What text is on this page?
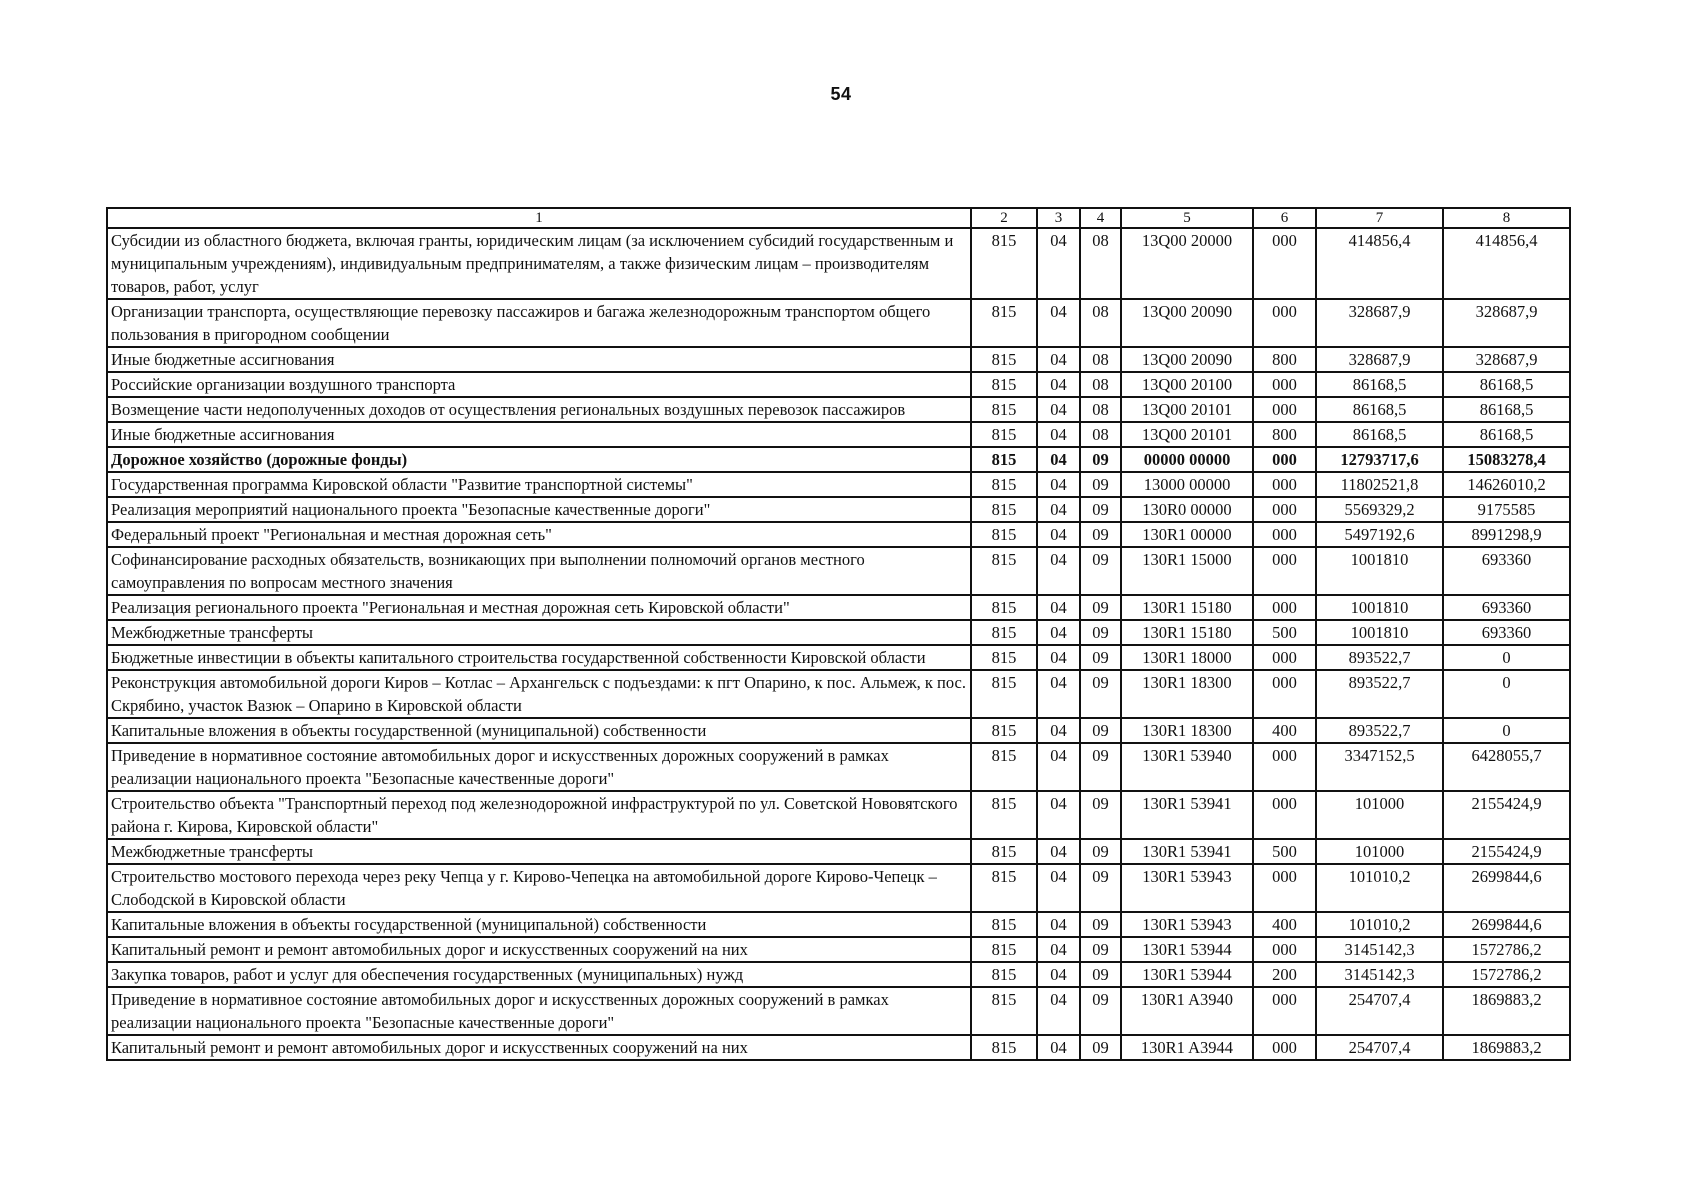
54
1	2	3	4	5	6	7	8
Субсидии из областного бюджета, включая гранты, юридическим лицам (за исключением субсидий государственным и муниципальным учреждениям), индивидуальным предпринимателям, а также физическим лицам – производителям товаров, работ, услуг	815	04	08	13Q00 20000	000	414856,4	414856,4
Организации транспорта, осуществляющие перевозку пассажиров и багажа железнодорожным транспортом общего пользования в пригородном сообщении	815	04	08	13Q00 20090	000	328687,9	328687,9
Иные бюджетные ассигнования	815	04	08	13Q00 20090	800	328687,9	328687,9
Российские организации воздушного транспорта	815	04	08	13Q00 20100	000	86168,5	86168,5
Возмещение части недополученных доходов от осуществления региональных воздушных перевозок пассажиров	815	04	08	13Q00 20101	000	86168,5	86168,5
Иные бюджетные ассигнования	815	04	08	13Q00 20101	800	86168,5	86168,5
Дорожное хозяйство (дорожные фонды)	815	04	09	00000 00000	000	12793717,6	15083278,4
Государственная программа Кировской области "Развитие транспортной системы"	815	04	09	13000 00000	000	11802521,8	14626010,2
Реализация мероприятий национального проекта "Безопасные качественные дороги"	815	04	09	130R0 00000	000	5569329,2	9175585
Федеральный проект "Региональная и местная дорожная сеть"	815	04	09	130R1 00000	000	5497192,6	8991298,9
Софинансирование расходных обязательств, возникающих при выполнении полномочий органов местного самоуправления по вопросам местного значения	815	04	09	130R1 15000	000	1001810	693360
Реализация регионального проекта "Региональная и местная дорожная сеть Кировской области"	815	04	09	130R1 15180	000	1001810	693360
Межбюджетные трансферты	815	04	09	130R1 15180	500	1001810	693360
Бюджетные инвестиции в объекты капитального строительства государственной собственности Кировской области	815	04	09	130R1 18000	000	893522,7	0
Реконструкция автомобильной дороги Киров – Котлас – Архангельск с подъездами: к пгт Опарино, к пос. Альмеж, к пос. Скрябино, участок Вазюк – Опарино в Кировской области	815	04	09	130R1 18300	000	893522,7	0
Капитальные вложения в объекты государственной (муниципальной) собственности	815	04	09	130R1 18300	400	893522,7	0
Приведение в нормативное состояние автомобильных дорог и искусственных дорожных сооружений в рамках реализации национального проекта "Безопасные качественные дороги"	815	04	09	130R1 53940	000	3347152,5	6428055,7
Строительство объекта "Транспортный переход под железнодорожной инфраструктурой по ул. Советской Нововятского района г. Кирова, Кировской области"	815	04	09	130R1 53941	000	101000	2155424,9
Межбюджетные трансферты	815	04	09	130R1 53941	500	101000	2155424,9
Строительство мостового перехода через реку Чепца у г. Кирово-Чепецка на автомобильной дороге Кирово-Чепецк – Слободской в Кировской области	815	04	09	130R1 53943	000	101010,2	2699844,6
Капитальные вложения в объекты государственной (муниципальной) собственности	815	04	09	130R1 53943	400	101010,2	2699844,6
Капитальный ремонт и ремонт автомобильных дорог и искусственных сооружений на них	815	04	09	130R1 53944	000	3145142,3	1572786,2
Закупка товаров, работ и услуг для обеспечения государственных (муниципальных) нужд	815	04	09	130R1 53944	200	3145142,3	1572786,2
Приведение в нормативное состояние автомобильных дорог и искусственных дорожных сооружений в рамках реализации национального проекта "Безопасные качественные дороги"	815	04	09	130R1 A3940	000	254707,4	1869883,2
Капитальный ремонт и ремонт автомобильных дорог и искусственных сооружений на них	815	04	09	130R1 A3944	000	254707,4	1869883,2
